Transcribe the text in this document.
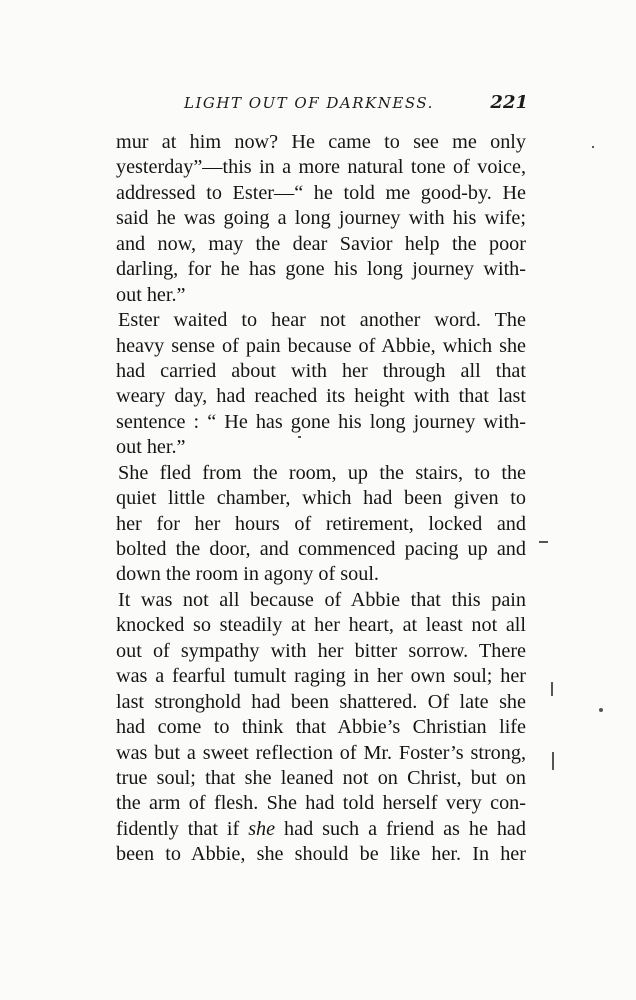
LIGHT OUT OF DARKNESS.	221

mur at him now? He came to see me only
yesterday”—this in a more natural tone of voice,
addressed to Ester—“ he told me good-by. He
said he was going a long journey with his wife;
and now, may the dear Savior help the poor
darling, for he has gone his long journey with-
out her.”

Ester waited to hear not another word. The
heavy sense of pain because of Abbie, which she
had carried about with her through all that
weary day, had reached its height with that last
sentence : “ He has gone his long journey with-
out her.”

She fled from the room, up the stairs, to the
quiet little chamber, which had been given to
her for her hours of retirement, locked and
bolted the door, and commenced pacing up and
down the room in agony of soul.

It was not all because of Abbie that this pain
knocked so steadily at her heart, at least not all
out of sympathy with her bitter sorrow. There
was a fearful tumult raging in her own soul; her
last stronghold had been shattered. Of late she
had come to think that Abbie’s Christian life
was but a sweet reflection of Mr. Foster’s strong,
true soul; that she leaned not on Christ, but on
the arm of flesh. She had told herself very con-
fidently that if she had such a friend as he had
been to Abbie, she should be like her. In her
